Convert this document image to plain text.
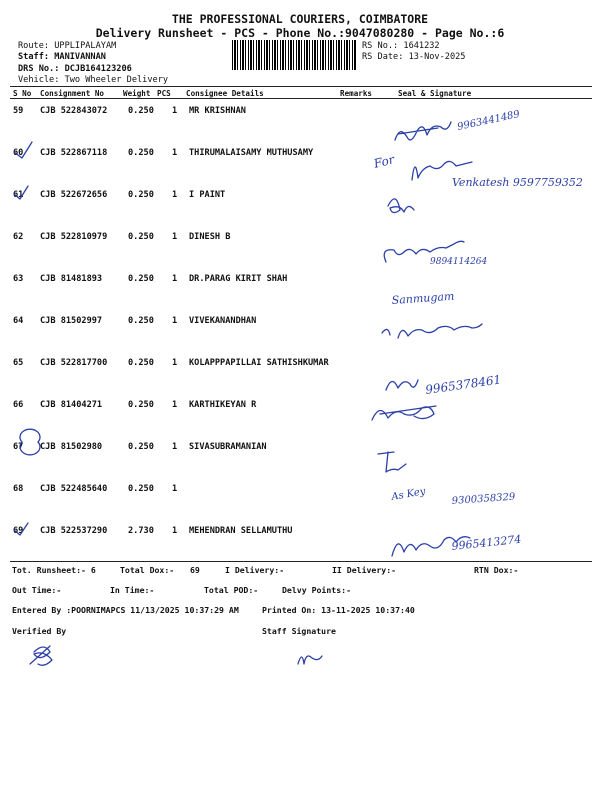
THE PROFESSIONAL COURIERS, COIMBATORE
Delivery Runsheet - PCS - Phone No.:9047080280 - Page No.:6
Route: UPPLIPALAYAM
Staff: MANIVANNAN
DRS No.: DCJB164123206
Vehicle: Two Wheeler Delivery
RS No.: 1641232
RS Date: 13-Nov-2025
S No Consignment No Weight PCS Consignee Details	Remarks	Seal & Signature
59 CJB 522843072 0.250 1 MR KRISHNAN
60 CJB 522867118 0.250 1 THIRUMALAISAMY MUTHUSAMY
61 CJB 522672656 0.250 1 I PAINT
62 CJB 522810979 0.250 1 DINESH B
63 CJB 81481893	0.250 1 DR.PARAG KIRIT SHAH
64 CJB 81502997	0.250 1 VIVEKANANDHAN
65 CJB 522817700 0.250 1 KOLAPPPAPILLAI SATHISHKUMAR
66 CJB 81404271	0.250 1 KARTHIKEYAN R
67 CJB 81502980	0.250 1 SIVASUBRAMANIAN
68 CJB 522485640 0.250 1
69 CJB 522537290 2.730 1 MEHENDRAN SELLAMUTHU
Tot. Runsheet:- 6	Total Dox:- 69	I Delivery:-	II Delivery:-	RTN Dox:-
Out Time:-	In Time:-	Total POD:-	Delvy Points:-
Entered By :POORNIMAPCS 11/13/2025 10:37:29 AM	Printed On: 13-11-2025 10:37:40
Verified By	Staff Signature
9963441489
For
Venkatesh 9597759352
9894114264
Sanmugam
9965378461
As Key	9300358329
9965413274
